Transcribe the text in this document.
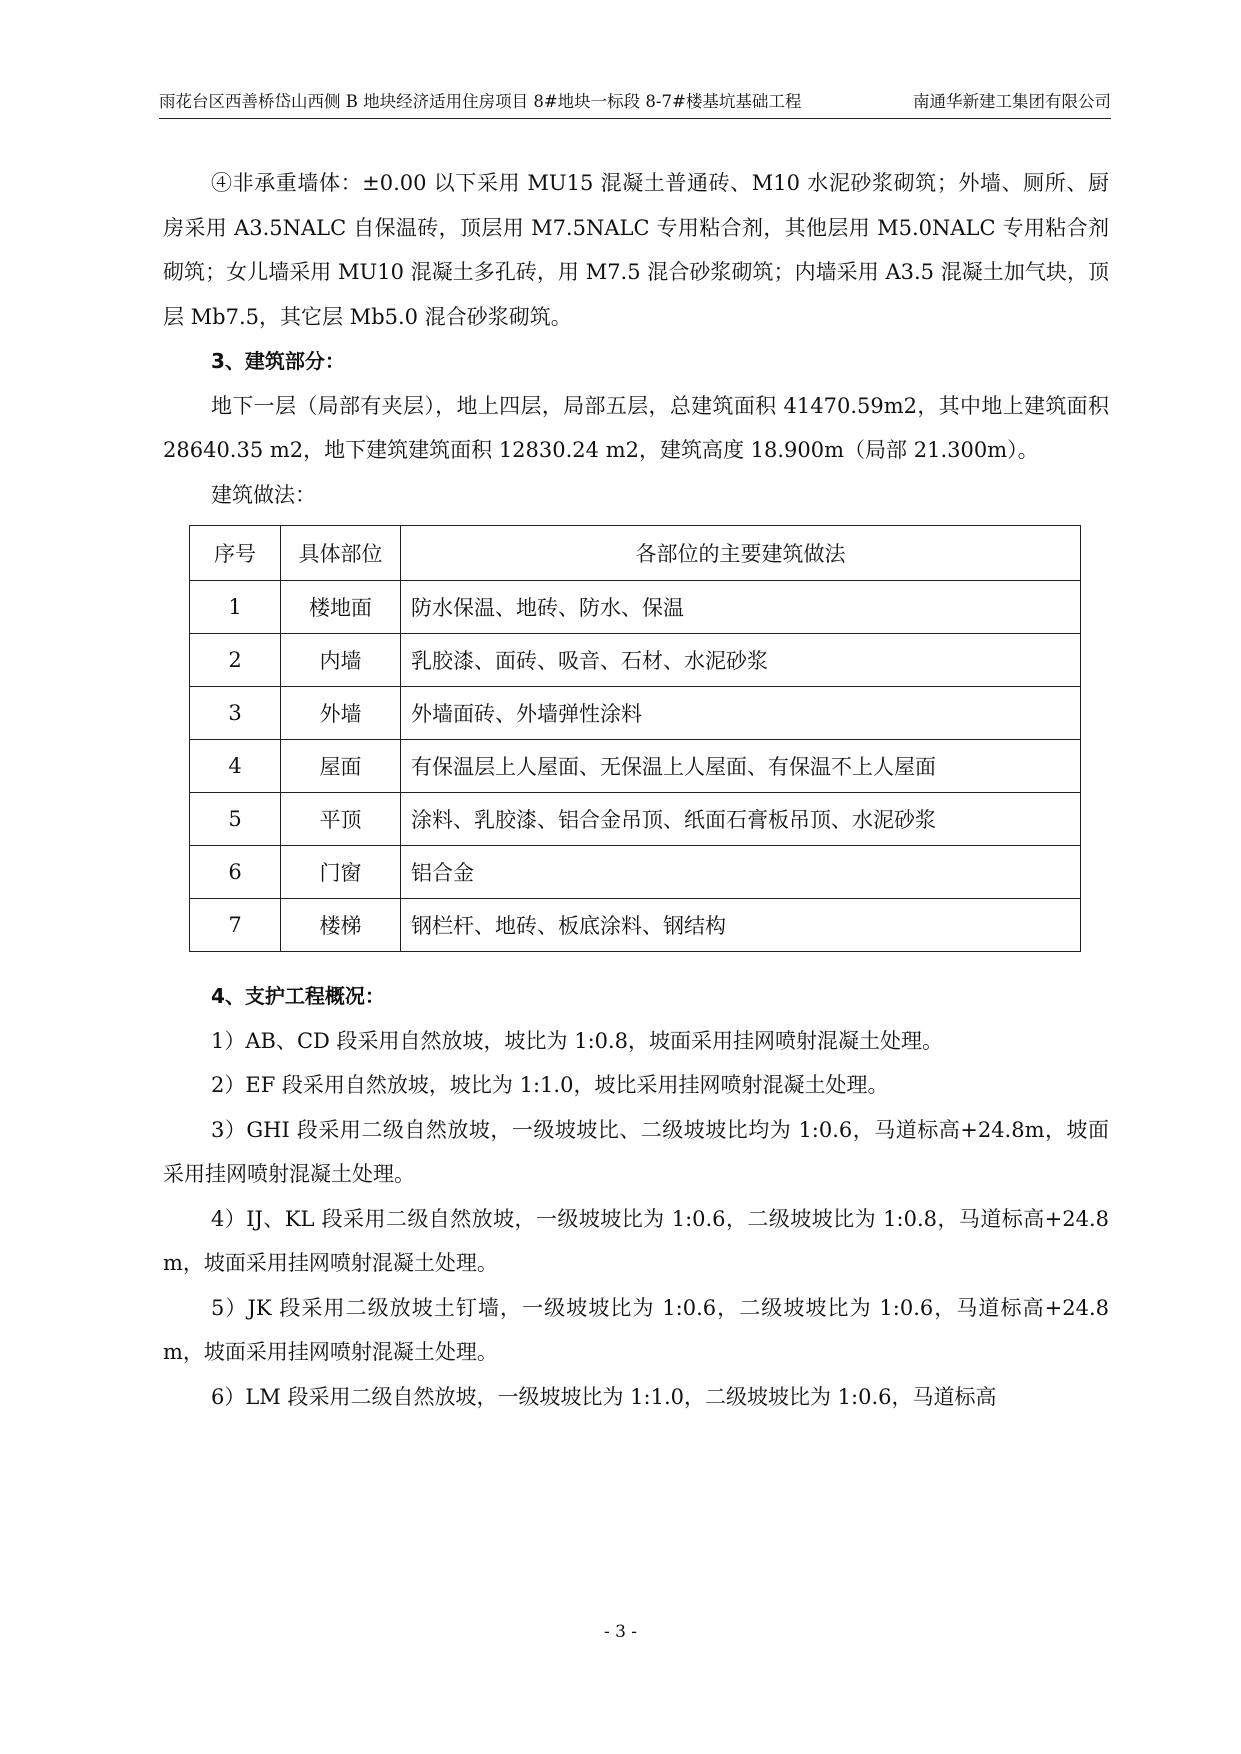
雨花台区西善桥岱山西侧 B 地块经济适用住房项目 8#地块一标段 8-7#楼基坑基础工程	南通华新建工集团有限公司

④非承重墙体：±0.00 以下采用 MU15 混凝土普通砖、M10 水泥砂浆砌筑；外墙、厕所、厨房采用 A3.5NALC 自保温砖，顶层用 M7.5NALC 专用粘合剂，其他层用 M5.0NALC 专用粘合剂砌筑；女儿墙采用 MU10 混凝土多孔砖，用 M7.5 混合砂浆砌筑；内墙采用 A3.5 混凝土加气块，顶层 Mb7.5，其它层 Mb5.0 混合砂浆砌筑。

3、建筑部分：

地下一层（局部有夹层），地上四层，局部五层，总建筑面积 41470.59m2，其中地上建筑面积 28640.35 m2，地下建筑建筑面积 12830.24 m2，建筑高度 18.900m（局部 21.300m）。

建筑做法：

序号	具体部位	各部位的主要建筑做法
1	楼地面	防水保温、地砖、防水、保温
2	内墙	乳胶漆、面砖、吸音、石材、水泥砂浆
3	外墙	外墙面砖、外墙弹性涂料
4	屋面	有保温层上人屋面、无保温上人屋面、有保温不上人屋面
5	平顶	涂料、乳胶漆、铝合金吊顶、纸面石膏板吊顶、水泥砂浆
6	门窗	铝合金
7	楼梯	钢栏杆、地砖、板底涂料、钢结构

4、支护工程概况：

1）AB、CD 段采用自然放坡，坡比为 1:0.8，坡面采用挂网喷射混凝土处理。

2）EF 段采用自然放坡，坡比为 1:1.0，坡比采用挂网喷射混凝土处理。

3）GHI 段采用二级自然放坡，一级坡坡比、二级坡坡比均为 1:0.6，马道标高+24.8m，坡面采用挂网喷射混凝土处理。

4）IJ、KL 段采用二级自然放坡，一级坡坡比为 1:0.6，二级坡坡比为 1:0.8，马道标高+24.8m，坡面采用挂网喷射混凝土处理。

5）JK 段采用二级放坡土钉墙，一级坡坡比为 1:0.6，二级坡坡比为 1:0.6，马道标高+24.8m，坡面采用挂网喷射混凝土处理。

6）LM 段采用二级自然放坡，一级坡坡比为 1:1.0，二级坡坡比为 1:0.6，马道标高

- 3 -
